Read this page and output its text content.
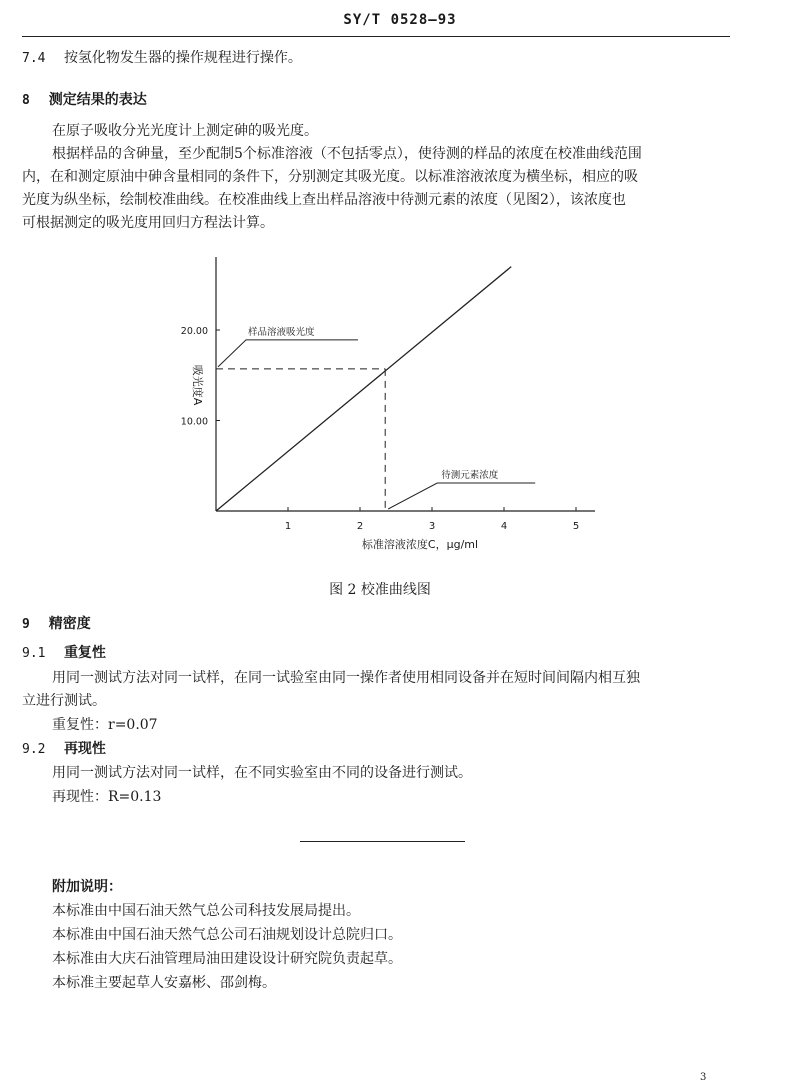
SY/T 0528—93
7.4 按氢化物发生器的操作规程进行操作。
8 测定结果的表达
在原子吸收分光光度计上测定砷的吸光度。
根据样品的含砷量，至少配制5个标准溶液（不包括零点），使待测的样品的浓度在校准曲线范围
内，在和测定原油中砷含量相同的条件下，分别测定其吸光度。以标准溶液浓度为横坐标，相应的吸
光度为纵坐标，绘制校准曲线。在校准曲线上查出样品溶液中待测元素的浓度（见图2），该浓度也
可根据测定的吸光度用回归方程法计算。
1	2	3	4	5
10.00
20.00	样品溶液吸光度
待测元素浓度
吸光度A
标准溶液浓度C，μg/ml
图 2 校准曲线图
9 精密度
9.1 重复性
用同一测试方法对同一试样，在同一试验室由同一操作者使用相同设备并在短时间间隔内相互独
立进行测试。
重复性：r=0.07
9.2 再现性
用同一测试方法对同一试样，在不同实验室由不同的设备进行测试。
再现性：R=0.13
附加说明：
本标准由中国石油天然气总公司科技发展局提出。
本标准由中国石油天然气总公司石油规划设计总院归口。
本标准由大庆石油管理局油田建设设计研究院负责起草。
本标准主要起草人安嘉彬、邵剑梅。
3
